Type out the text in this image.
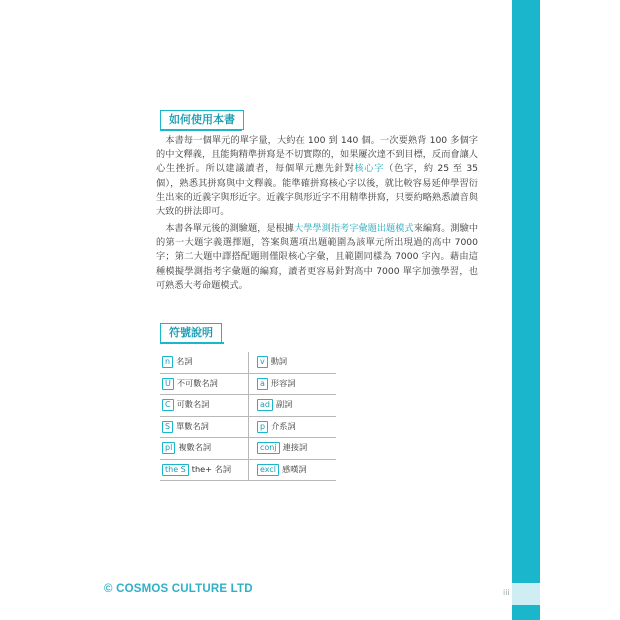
iii
如何使用本書

　本書每一個單元的單字量，大約在 100 到 140 個。一次要熟背 100 多個字的中文釋義，且能夠精準拼寫是不切實際的，如果屢次達不到目標，反而會讓人心生挫折。所以建議讀者，每個單元應先針對核心字（色字，約 25 至 35 個），熟悉其拼寫與中文釋義。能準確拼寫核心字以後，就比較容易延伸學習衍生出來的近義字與形近字。近義字與形近字不用精準拼寫，只要約略熟悉讀音與大致的拼法即可。

　本書各單元後的測驗題，是根據大學學測指考字彙題出題模式來編寫。測驗中的第一大題字義選擇題，答案與選項出題範圍為該單元所出現過的高中 7000 字；第二大題中譯搭配題則僅限核心字彙，且範圍同樣為 7000 字內。藉由這種模擬學測指考字彙題的編寫，讀者更容易針對高中 7000 單字加強學習，也可熟悉大考命題模式。

符號說明
n 名詞	v 動詞
U 不可數名詞	a 形容詞
C 可數名詞	ad 副詞
S 單數名詞	p 介系詞
pl 複數名詞	conj 連接詞
the S the+ 名詞	excl 感嘆詞
© COSMOS CULTURE LTD
